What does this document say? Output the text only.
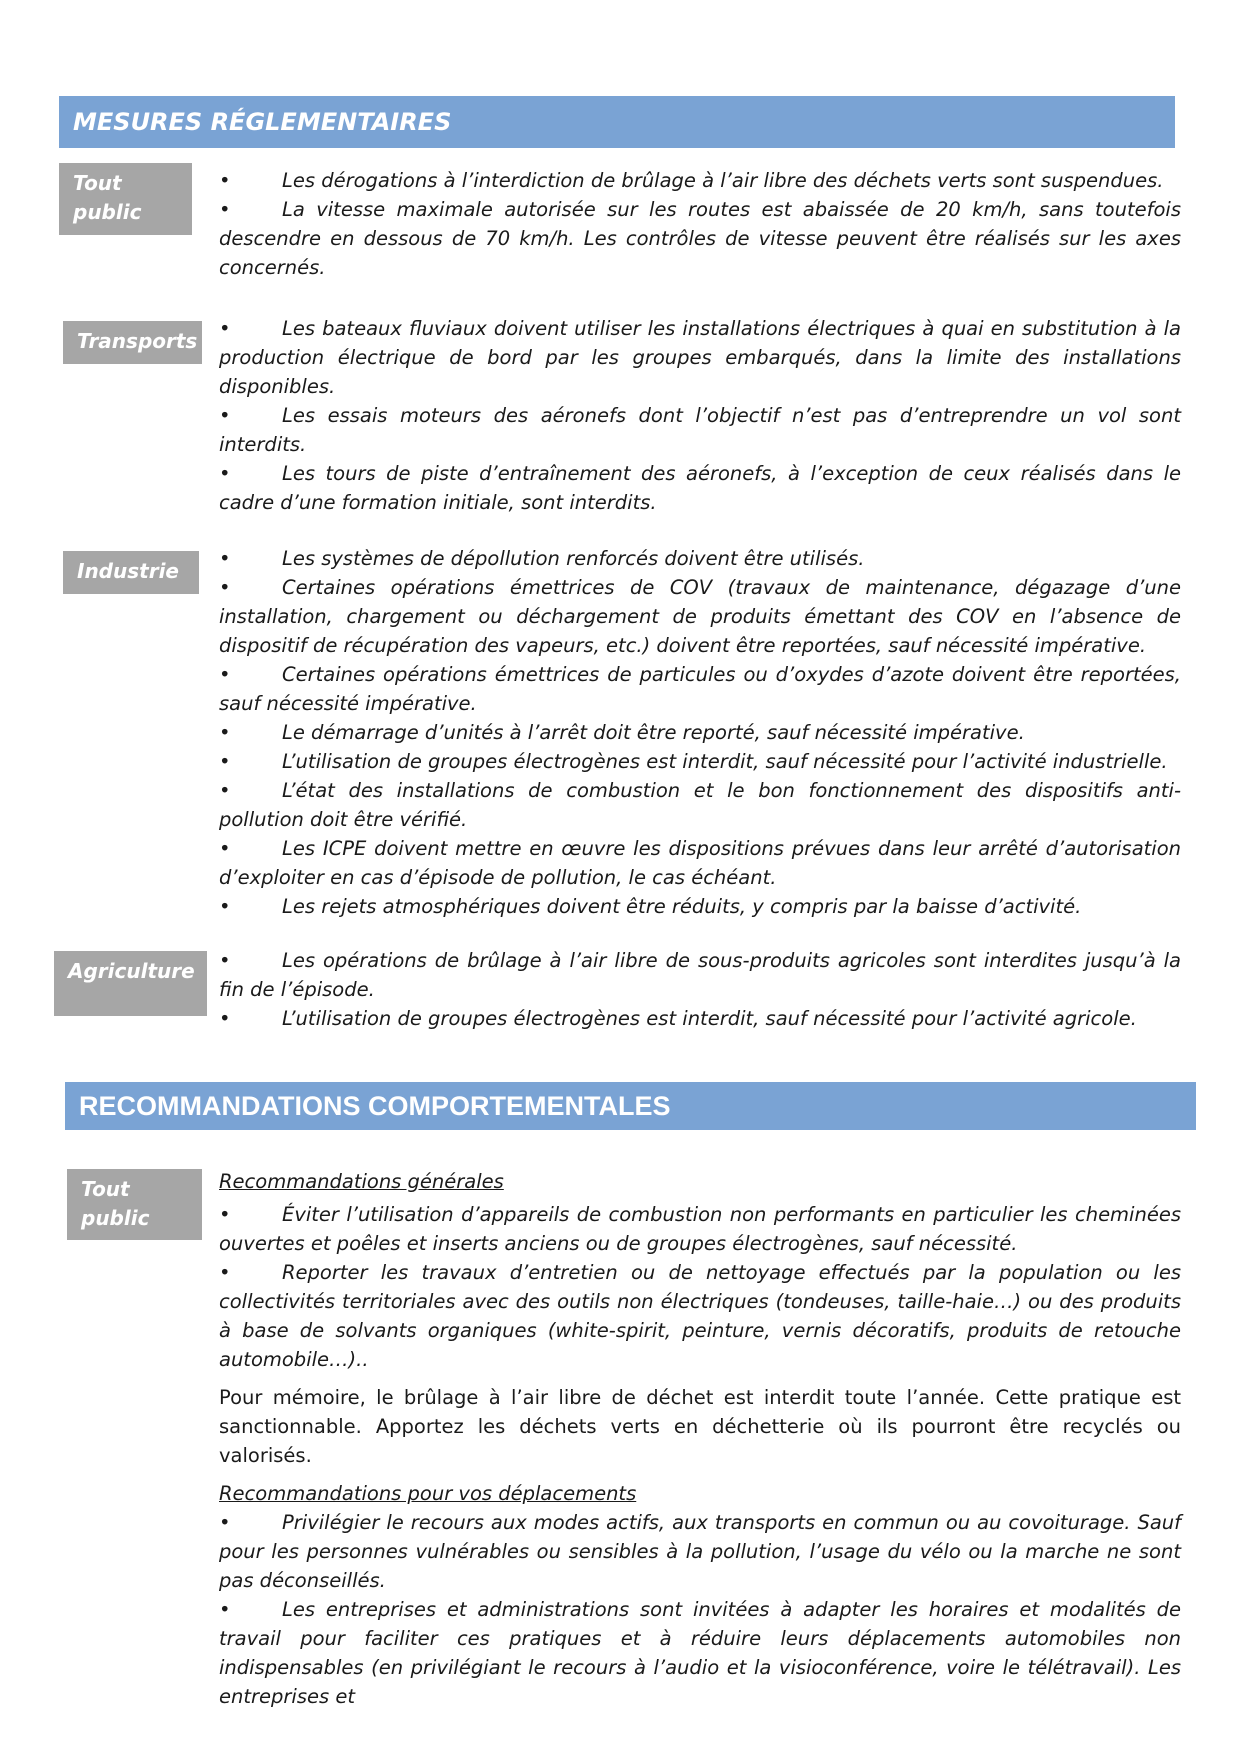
MESURES RÉGLEMENTAIRES
Tout public

• Les dérogations à l’interdiction de brûlage à l’air libre des déchets verts sont suspendues.

• La vitesse maximale autorisée sur les routes est abaissée de 20 km/h, sans toutefois descendre en dessous de 70 km/h. Les contrôles de vitesse peuvent être réalisés sur les axes concernés.

Transports

• Les bateaux fluviaux doivent utiliser les installations électriques à quai en substitution à la production électrique de bord par les groupes embarqués, dans la limite des installations disponibles.

• Les essais moteurs des aéronefs dont l’objectif n’est pas d’entreprendre un vol sont interdits.

• Les tours de piste d’entraînement des aéronefs, à l’exception de ceux réalisés dans le cadre d’une formation initiale, sont interdits.

Industrie

• Les systèmes de dépollution renforcés doivent être utilisés.

• Certaines opérations émettrices de COV (travaux de maintenance, dégazage d’une installation, chargement ou déchargement de produits émettant des COV en l’absence de dispositif de récupération des vapeurs, etc.) doivent être reportées, sauf nécessité impérative.

• Certaines opérations émettrices de particules ou d’oxydes d’azote doivent être reportées, sauf nécessité impérative.

• Le démarrage d’unités à l’arrêt doit être reporté, sauf nécessité impérative.

• L’utilisation de groupes électrogènes est interdit, sauf nécessité pour l’activité industrielle.

• L’état des installations de combustion et le bon fonctionnement des dispositifs anti-pollution doit être vérifié.

• Les ICPE doivent mettre en œuvre les dispositions prévues dans leur arrêté d’autorisation d’exploiter en cas d’épisode de pollution, le cas échéant.

• Les rejets atmosphériques doivent être réduits, y compris par la baisse d’activité.

Agriculture

•	Les opérations de brûlage à l’air libre de sous-produits agricoles sont interdites jusqu’à la fin de l’épisode.

• L’utilisation de groupes électrogènes est interdit, sauf nécessité pour l’activité agricole.

RECOMMANDATIONS COMPORTEMENTALES
Tout public

Recommandations générales

• Éviter l’utilisation d’appareils de combustion non performants en particulier les cheminées ouvertes et poêles et inserts anciens ou de groupes électrogènes, sauf nécessité.

• Reporter les travaux d’entretien ou de nettoyage effectués par la population ou les collectivités territoriales avec des outils non électriques (tondeuses, taille-haie…) ou des produits à base de solvants organiques (white-spirit, peinture, vernis décoratifs, produits de retouche automobile…)..

Pour mémoire, le brûlage à l’air libre de déchet est interdit toute l’année. Cette pratique est sanctionnable. Apportez les déchets verts en déchetterie où ils pourront être recyclés ou valorisés.

Recommandations pour vos déplacements

• Privilégier le recours aux modes actifs, aux transports en commun ou au covoiturage. Sauf pour les personnes vulnérables ou sensibles à la pollution, l’usage du vélo ou la marche ne sont pas déconseillés.

• Les entreprises et administrations sont invitées à adapter les horaires et modalités de travail pour faciliter ces pratiques et à réduire leurs déplacements automobiles non indispensables (en privilégiant le recours à l’audio et la visioconférence, voire le télétravail). Les entreprises et
